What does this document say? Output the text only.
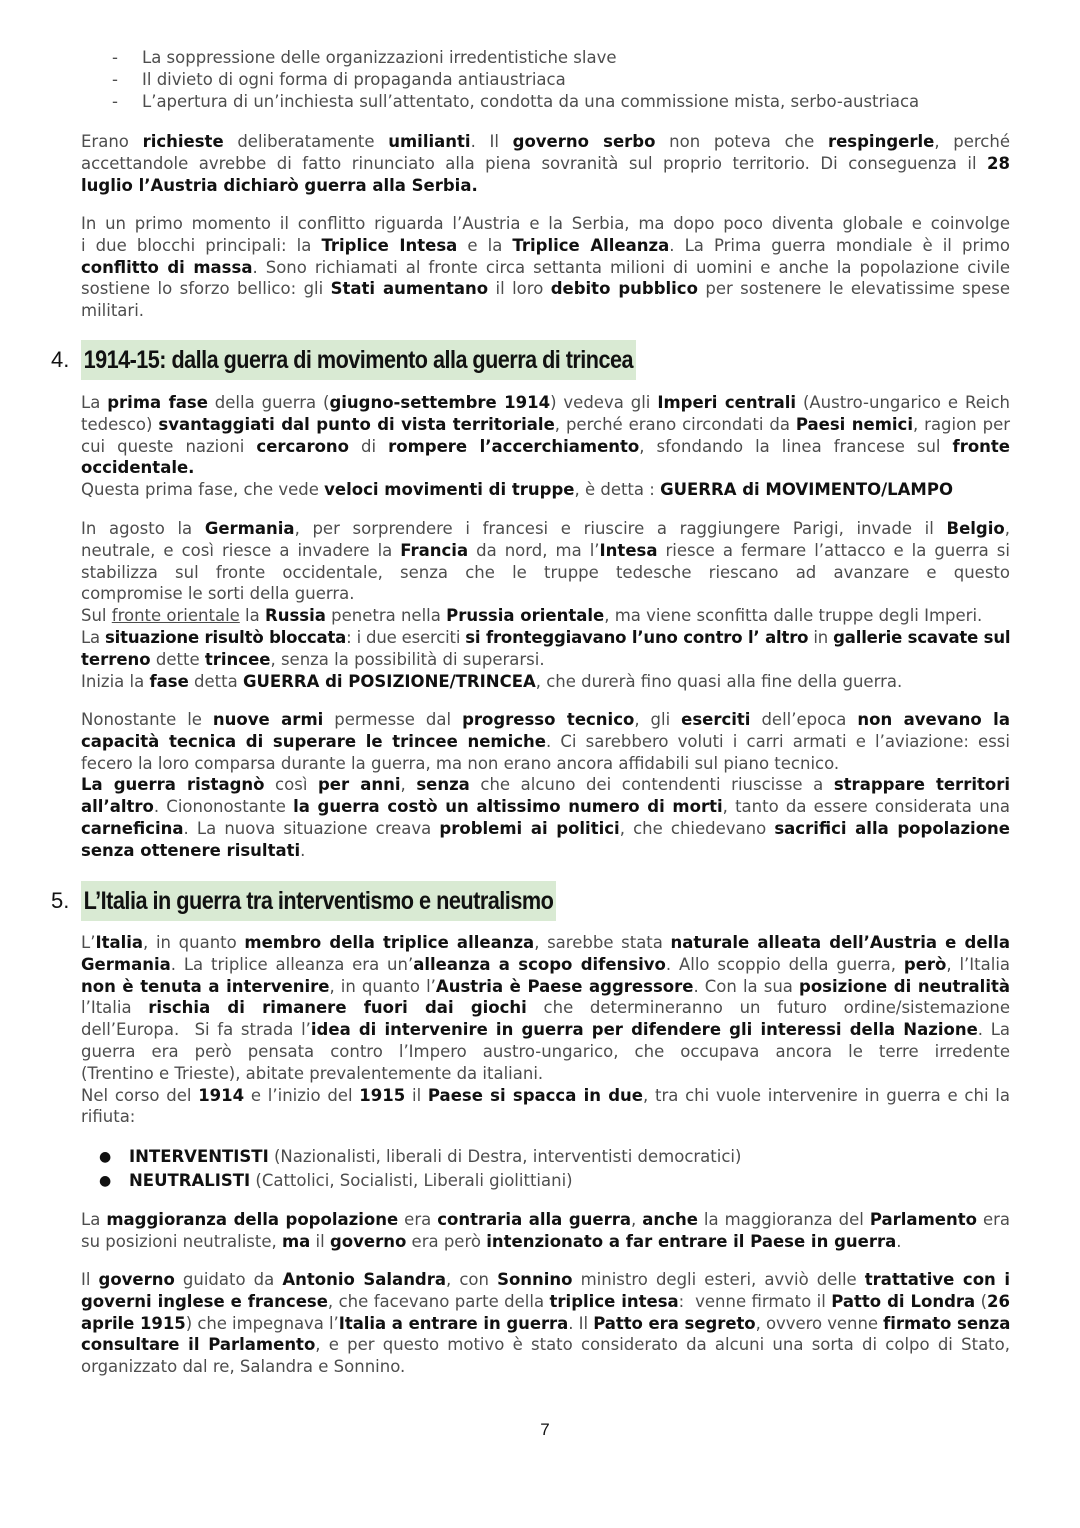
- La soppressione delle organizzazioni irredentistiche slave
- Il divieto di ogni forma di propaganda antiaustriaca
- L’apertura di un’inchiesta sull’attentato, condotta da una commissione mista, serbo-austriaca
Erano richieste deliberatamente umilianti. Il governo serbo non poteva che respingerle, perché
accettandole avrebbe di fatto rinunciato alla piena sovranità sul proprio territorio. Di conseguenza il 28
luglio l’Austria dichiarò guerra alla Serbia.
In un primo momento il conflitto riguarda l’Austria e la Serbia, ma dopo poco diventa globale e coinvolge
i due blocchi principali: la Triplice Intesa e la Triplice Alleanza. La Prima guerra mondiale è il primo
conflitto di massa. Sono richiamati al fronte circa settanta milioni di uomini e anche la popolazione civile
sostiene lo sforzo bellico: gli Stati aumentano il loro debito pubblico per sostenere le elevatissime spese
militari.
4. 1914-15: dalla guerra di movimento alla guerra di trincea
La prima fase della guerra (giugno-settembre 1914) vedeva gli Imperi centrali (Austro-ungarico e Reich
tedesco) svantaggiati dal punto di vista territoriale, perché erano circondati da Paesi nemici, ragion per
cui queste nazioni cercarono di rompere l’accerchiamento, sfondando la linea francese sul fronte
occidentale.
Questa prima fase, che vede veloci movimenti di truppe, è detta : GUERRA di MOVIMENTO/LAMPO
In agosto la Germania, per sorprendere i francesi e riuscire a raggiungere Parigi, invade il Belgio,
neutrale, e così riesce a invadere la Francia da nord, ma l’Intesa riesce a fermare l’attacco e la guerra si
stabilizza sul fronte occidentale, senza che le truppe tedesche riescano ad avanzare e questo
compromise le sorti della guerra.
Sul fronte orientale la Russia penetra nella Prussia orientale, ma viene sconfitta dalle truppe degli Imperi.
La situazione risultò bloccata: i due eserciti si fronteggiavano l’uno contro l’ altro in gallerie scavate sul
terreno dette trincee, senza la possibilità di superarsi.
Inizia la fase detta GUERRA di POSIZIONE/TRINCEA, che durerà fino quasi alla fine della guerra.
Nonostante le nuove armi permesse dal progresso tecnico, gli eserciti dell’epoca non avevano la
capacità tecnica di superare le trincee nemiche. Ci sarebbero voluti i carri armati e l’aviazione: essi
fecero la loro comparsa durante la guerra, ma non erano ancora affidabili sul piano tecnico.
La guerra ristagnò così per anni, senza che alcuno dei contendenti riuscisse a strappare territori
all’altro. Ciononostante la guerra costò un altissimo numero di morti, tanto da essere considerata una
carneficina. La nuova situazione creava problemi ai politici, che chiedevano sacrifici alla popolazione
senza ottenere risultati.
5. L’Italia in guerra tra interventismo e neutralismo
L’Italia, in quanto membro della triplice alleanza, sarebbe stata naturale alleata dell’Austria e della
Germania. La triplice alleanza era un’alleanza a scopo difensivo. Allo scoppio della guerra, però, l’Italia
non è tenuta a intervenire, in quanto l’Austria è Paese aggressore. Con la sua posizione di neutralità
l’Italia rischia di rimanere fuori dai giochi che determineranno un futuro ordine/sistemazione
dell’Europa.  Si fa strada l’idea di intervenire in guerra per difendere gli interessi della Nazione. La
guerra era però pensata contro l’Impero austro-ungarico, che occupava ancora le terre irredente
(Trentino e Trieste), abitate prevalentemente da italiani.
Nel corso del 1914 e l’inizio del 1915 il Paese si spacca in due, tra chi vuole intervenire in guerra e chi la
rifiuta:
● INTERVENTISTI (Nazionalisti, liberali di Destra, interventisti democratici)
● NEUTRALISTI (Cattolici, Socialisti, Liberali giolittiani)
La maggioranza della popolazione era contraria alla guerra, anche la maggioranza del Parlamento era
su posizioni neutraliste, ma il governo era però intenzionato a far entrare il Paese in guerra.
Il governo guidato da Antonio Salandra, con Sonnino ministro degli esteri, avviò delle trattative con i
governi inglese e francese, che facevano parte della triplice intesa:  venne firmato il Patto di Londra (26
aprile 1915) che impegnava l’Italia a entrare in guerra. Il Patto era segreto, ovvero venne firmato senza
consultare il Parlamento, e per questo motivo è stato considerato da alcuni una sorta di colpo di Stato,
organizzato dal re, Salandra e Sonnino.
7
